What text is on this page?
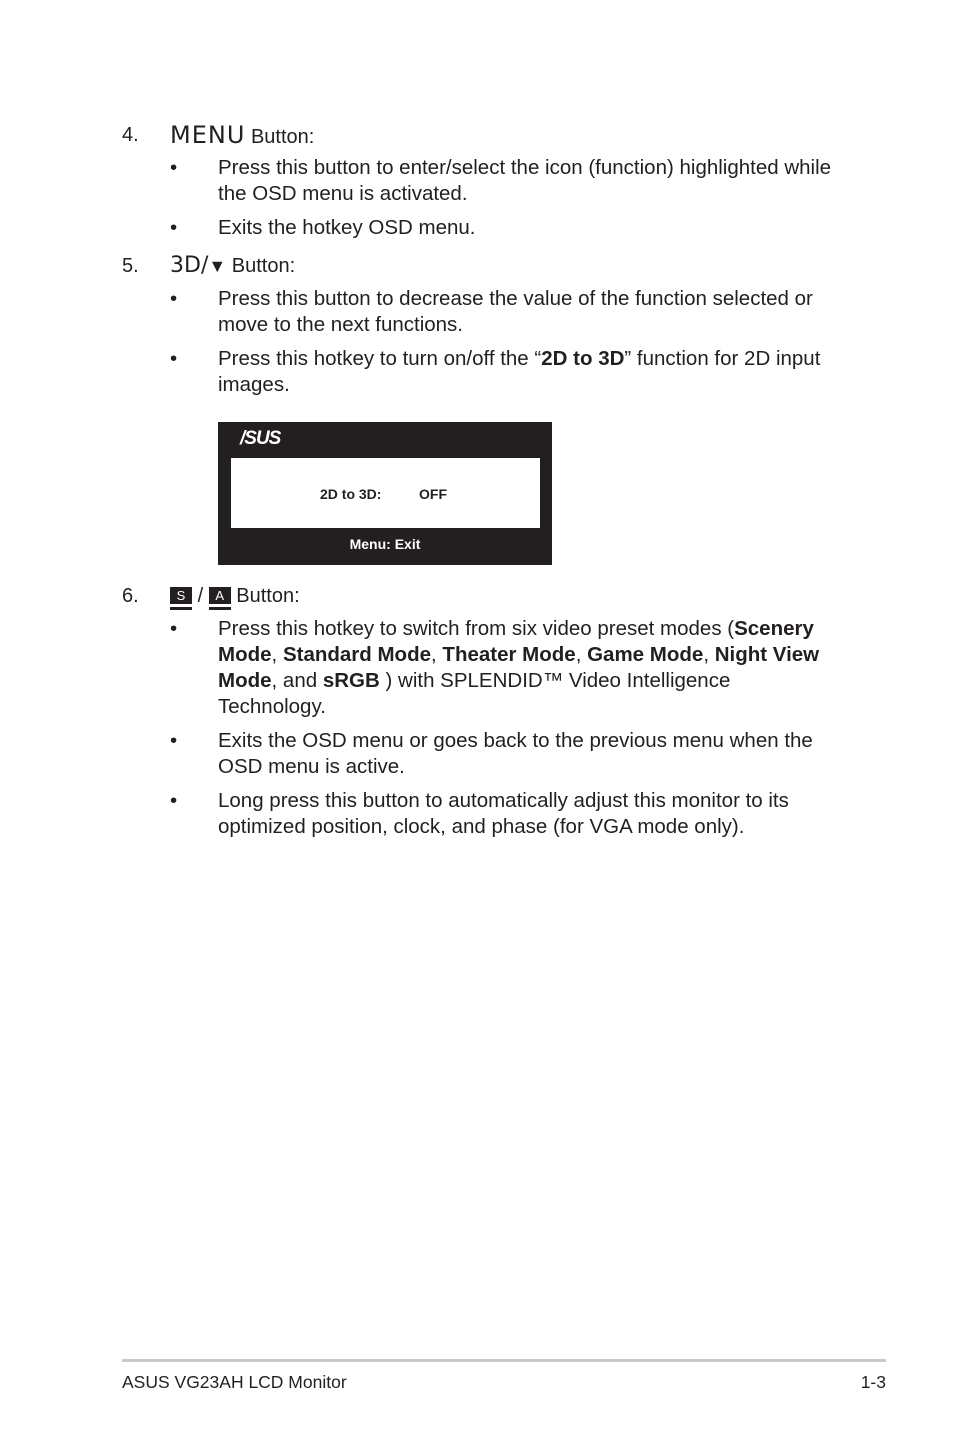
4. MENU Button:
• Press this button to enter/select the icon (function) highlighted while the OSD menu is activated.
• Exits the hotkey OSD menu.
5. 3D/▼ Button:
• Press this button to decrease the value of the function selected or move to the next functions.
• Press this hotkey to turn on/off the “2D to 3D” function for 2D input images.
/SUS
2D to 3D:	OFF
Menu: Exit
6.	S / A Button:
• Press this hotkey to switch from six video preset modes (Scenery Mode, Standard Mode, Theater Mode, Game Mode, Night View Mode, and sRGB ) with SPLENDID™ Video Intelligence Technology.
• Exits the OSD menu or goes back to the previous menu when the OSD menu is active.
• Long press this button to automatically adjust this monitor to its optimized position, clock, and phase (for VGA mode only).
ASUS VG23AH LCD Monitor	1-3
